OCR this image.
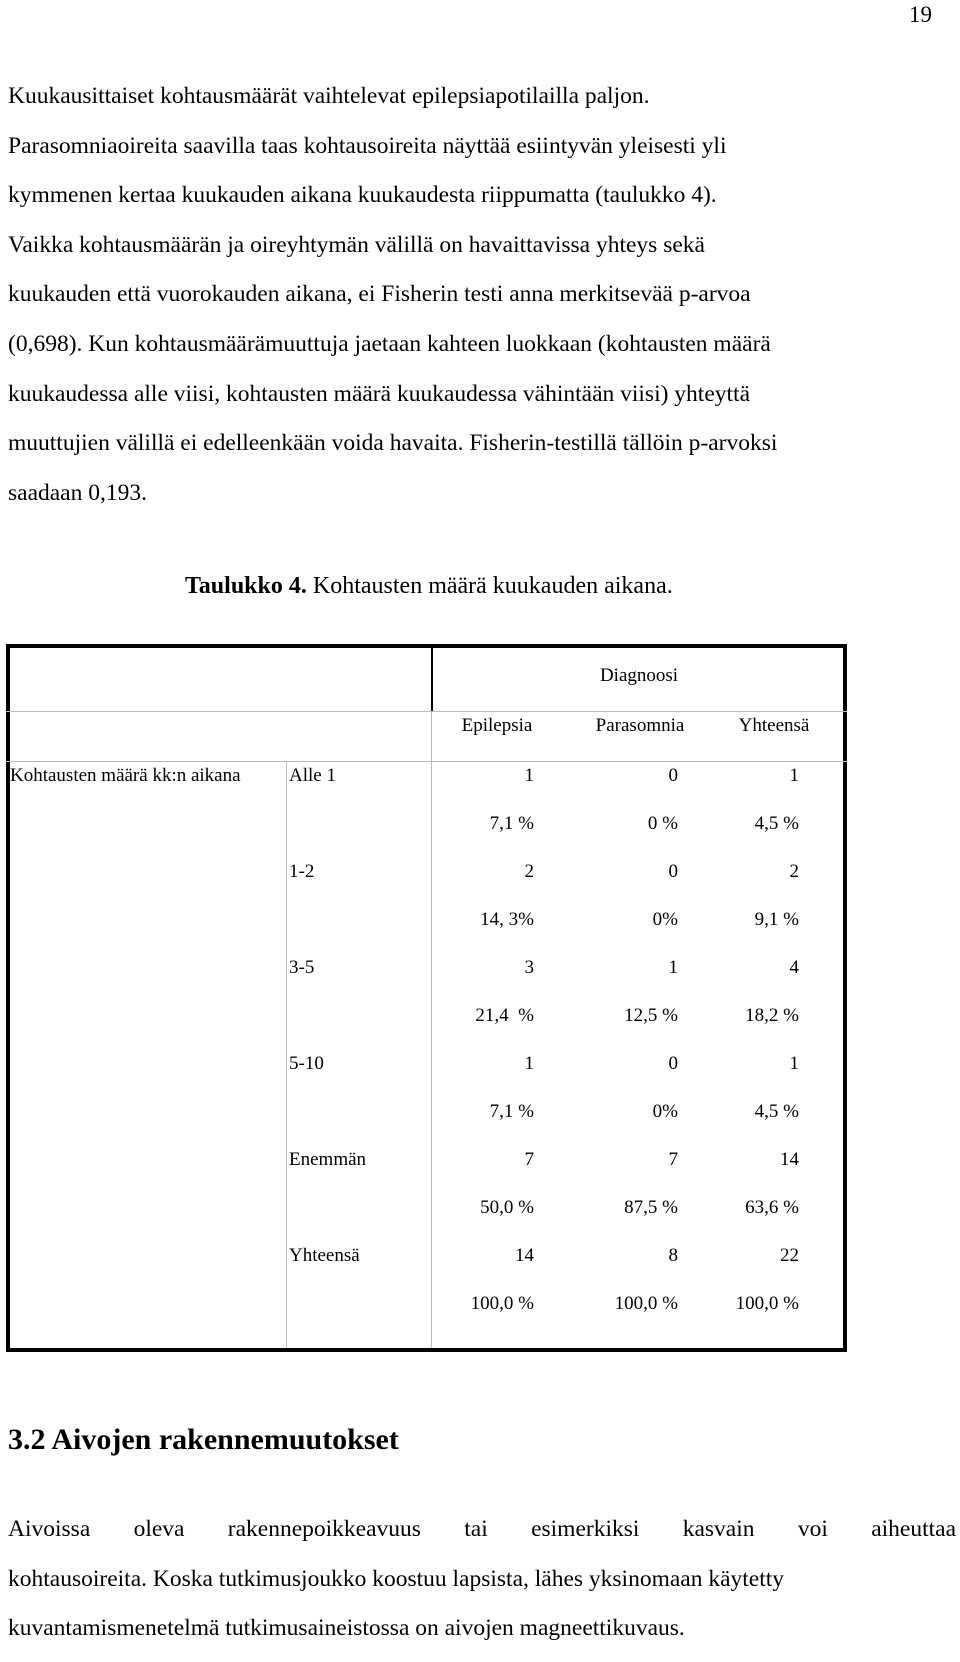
19

Kuukausittaiset kohtausmäärät vaihtelevat epilepsiapotilailla paljon.
Parasomniaoireita saavilla taas kohtausoireita näyttää esiintyvän yleisesti yli
kymmenen kertaa kuukauden aikana kuukaudesta riippumatta (taulukko 4).
Vaikka kohtausmäärän ja oireyhtymän välillä on havaittavissa yhteys sekä
kuukauden että vuorokauden aikana, ei Fisherin testi anna merkitsevää p-arvoa
(0,698). Kun kohtausmäärämuuttuja jaetaan kahteen luokkaan (kohtausten määrä
kuukaudessa alle viisi, kohtausten määrä kuukaudessa vähintään viisi) yhteyttä
muuttujien välillä ei edelleenkään voida havaita. Fisherin-testillä tällöin p-arvoksi
saadaan 0,193.

Taulukko 4. Kohtausten määrä kuukauden aikana.
Diagnoosi
Epilepsia	Parasomnia	Yhteensä
Kohtausten määrä kk:n aikana	Alle 1	1	0	1
7,1 %	0 %	4,5 %
1-2	2	0	2
14, 3%	0%	9,1 %
3-5	3	1	4
21,4  %	12,5 %	18,2 %
5-10	1	0	1
7,1 %	0%	4,5 %
Enemmän	7	7	14
50,0 %	87,5 %	63,6 %
Yhteensä	14	8	22
100,0 %	100,0 %	100,0 %
3.2 Aivojen rakennemuutokset

Aivoissa oleva rakennepoikkeavuus tai esimerkiksi kasvain voi aiheuttaa
kohtausoireita. Koska tutkimusjoukko koostuu lapsista, lähes yksinomaan käytetty
kuvantamismenetelmä tutkimusaineistossa on aivojen magneettikuvaus.
